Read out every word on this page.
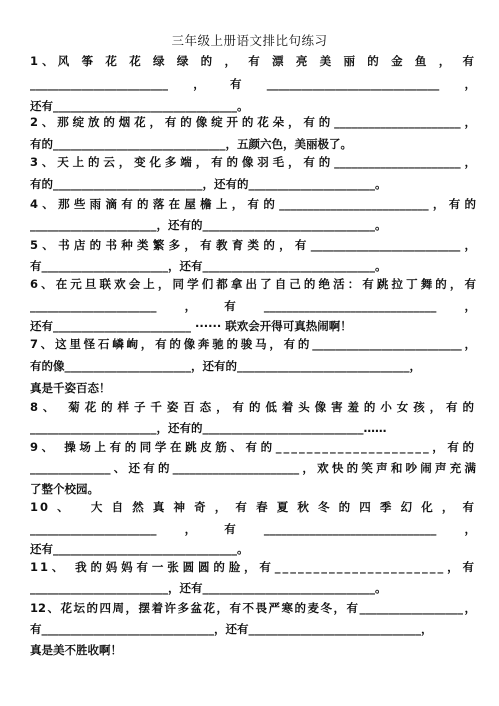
三年级上册语文排比句练习
1、风 筝 花 花 绿 绿 的 ， 有 漂 亮 美 丽 的 金 鱼 ， 有
________________________，有______________________________，
还有________________________________。
2、那绽放的烟花，有的像绽开的花朵，有的______________________，
有的______________________________，五颜六色，美丽极了。
3、天上的云，变化多端，有的像羽毛，有的______________________，
有的__________________________，还有的______________________。
4、那些雨滴有的落在屋檐上，有的__________________________，有的
______________________，还有的______________________________。
5、书店的书种类繁多，有教育类的，有__________________________，
有______________________，还有______________________________。
6、在元旦联欢会上，同学们都拿出了自己的绝活：有跳拉丁舞的，有
______________________，有______________________________，
还有________________________ ······ 联欢会开得可真热闹啊！
7、这里怪石嶙峋，有的像奔驰的骏马，有的__________________________，
有的像______________________，还有的______________________________，
真是千姿百态！
8、 菊花的样子千姿百态，有的低着头像害羞的小女孩，有的
______________________，还有的____________________________……
9、 操场上有的同学在跳皮筋、有的____________________，有的
______________、还有的______________________，欢快的笑声和吵闹声充满
了整个校园。
10、 大自然真神奇，有春夏秋冬的四季幻化，有
______________________，有______________________________，
还有________________________________。
11、 我的妈妈有一张圆圆的脸，有______________________，有
________________________，还有______________________________。
12、花坛的四周，摆着许多盆花，有不畏严寒的麦冬，有__________________，
有______________________________，还有______________________________，
真是美不胜收啊！
